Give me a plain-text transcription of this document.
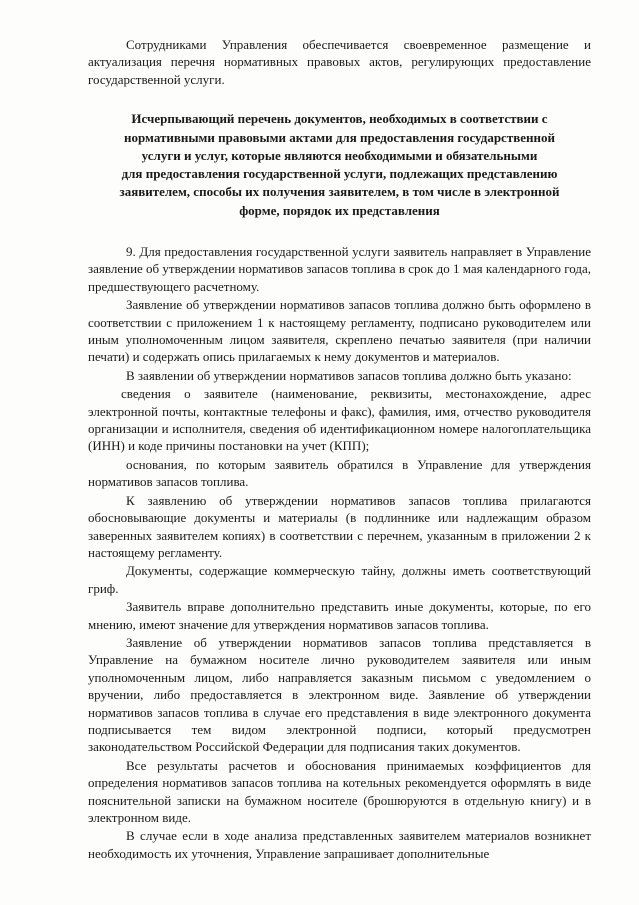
Сотрудниками Управления обеспечивается своевременное размещение и актуализация перечня нормативных правовых актов, регулирующих предоставление государственной услуги.

Исчерпывающий перечень документов, необходимых в соответствии с
нормативными правовыми актами для предоставления государственной
услуги и услуг, которые являются необходимыми и обязательными
для предоставления государственной услуги, подлежащих представлению
заявителем, способы их получения заявителем, в том числе в электронной
форме, порядок их представления

9. Для предоставления государственной услуги заявитель направляет в Управление заявление об утверждении нормативов запасов топлива в срок до 1 мая календарного года, предшествующего расчетному.

Заявление об утверждении нормативов запасов топлива должно быть оформлено в соответствии с приложением 1 к настоящему регламенту, подписано руководителем или иным уполномоченным лицом заявителя, скреплено печатью заявителя (при наличии печати) и содержать опись прилагаемых к нему документов и материалов.

В заявлении об утверждении нормативов запасов топлива должно быть указано:

сведения о заявителе (наименование, реквизиты, местонахождение, адрес электронной почты, контактные телефоны и факс), фамилия, имя, отчество руководителя организации и исполнителя, сведения об идентификационном номере налогоплательщика (ИНН) и коде причины постановки на учет (КПП);

основания, по которым заявитель обратился в Управление для утверждения нормативов запасов топлива.

К заявлению об утверждении нормативов запасов топлива прилагаются обосновывающие документы и материалы (в подлиннике или надлежащим образом заверенных заявителем копиях) в соответствии с перечнем, указанным в приложении 2 к настоящему регламенту.

Документы, содержащие коммерческую тайну, должны иметь соответствующий гриф.

Заявитель вправе дополнительно представить иные документы, которые, по его мнению, имеют значение для утверждения нормативов запасов топлива.

Заявление об утверждении нормативов запасов топлива представляется в Управление на бумажном носителе лично руководителем заявителя или иным уполномоченным лицом, либо направляется заказным письмом с уведомлением о вручении, либо предоставляется в электронном виде. Заявление об утверждении нормативов запасов топлива в случае его представления в виде электронного документа подписывается тем видом электронной подписи, который предусмотрен законодательством Российской Федерации для подписания таких документов.

Все результаты расчетов и обоснования принимаемых коэффициентов для определения нормативов запасов топлива на котельных рекомендуется оформлять в виде пояснительной записки на бумажном носителе (брошюруются в отдельную книгу) и в электронном виде.

В случае если в ходе анализа представленных заявителем материалов возникнет необходимость их уточнения, Управление запрашивает дополнительные
